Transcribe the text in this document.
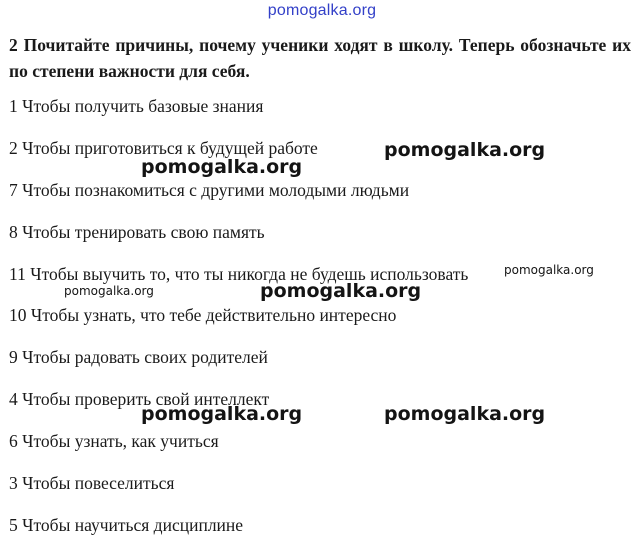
pomogalka.org

2 Почитайте причины, почему ученики ходят в школу. Теперь обозначьте их по степени важности для себя.

1 Чтобы получить базовые знания
2 Чтобы приготовиться к будущей работе
7 Чтобы познакомиться с другими молодыми людьми
8 Чтобы тренировать свою память
11 Чтобы выучить то, что ты никогда не будешь использовать
10 Чтобы узнать, что тебе действительно интересно
9 Чтобы радовать своих родителей
4 Чтобы проверить свой интеллект
6 Чтобы узнать, как учиться
3 Чтобы повеселиться
5 Чтобы научиться дисциплине
pomogalka.org
pomogalka.org
pomogalka.org
pomogalka.org	pomogalka.org
pomogalka.org	pomogalka.org
